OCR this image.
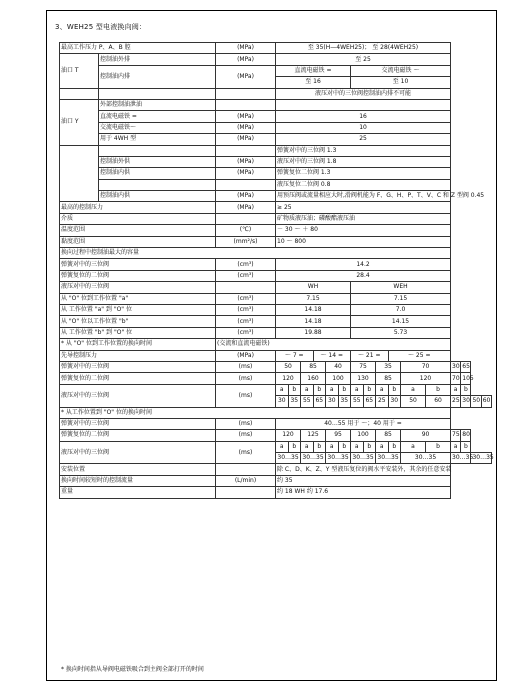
3、WEH25 型电液换向阀：
最高工作压力 P、A、B 腔		(MPa)	至 35(H—4WEH25)； 至 28(4WEH25)															
油口 T	控制油外排	(MPa)	至 25															
	控制油内排	(MPa)	直流电磁铁 =						交流电磁铁 ～									
			至 16						至 10									
			液压对中的三位阀控制油内排不可能															
油口 Y	外部控制油泄油																	
	直流电磁铁 =	(MPa)	16															
	交流电磁铁～	(MPa)	10															
	用于 4WH 型	(MPa)	25															
			弹簧对中的三位阀 1.3															
	控制油外供	(MPa)	液压对中的三位阀 1.8															
	控制油内供	(MPa)	弹簧复位二位阀 1.3															
			液压复位二位阀 0.8															
	控制油内供	(MPa)	用预压阀或流量相应大时,滑阀机能为 F、G、H、P、T、V、C 和 Z 型阀 0.45															
最高的控制压力		(MPa)	≥ 25															
介质			矿物质液压油；磷酸酯液压油															
温度范围		(℃)	－ 30 ～ ＋ 80															
黏度范围		(mm²/s)	10 ～ 800															
换向过程中控制油最大的容量																		
弹簧对中的三位阀		(cm³)	14.2															
弹簧复位的二位阀		(cm³)	28.4															
液压对中的三位阀			WH						WEH									
从 "O" 位到工作位置 "a"		(cm³)	7.15						7.15									
从 工作位置 "a" 到 "O" 位		(cm³)	14.18						7.0									
从 "O" 位以工作位置 "b"		(cm³)	14.18						14.15									
从 工作位置 "b" 到 "O" 位		(cm³)	19.88						5.73									
* 从 "O" 位到工作位置的换向时间		(交流和直流电磁铁)																
先导控制压力		(MPa)	～ 7 =			～ 14 =			～ 21 =			～ 25 =						
弹簧对中的三位阀		(ms)	50		85		40		75		35		70		30	65		
弹簧复位的二位阀		(ms)	120		160		100		130		85		120		70	105		
液压对中的三位阀		(ms)	a	b	a	b	a	b	a	b	a	b	a	b	a	b		
			30	35	55	65	30	35	55	65	25	30	50	60	25	30	50	60
* 从工作位置到 "O" 位的换向时间																		
弹簧对中的三位阀		(ms)	40…55 用于 ～；40 用于 =															
弹簧复位的二位阀		(ms)	120		125		95		100		85		90		75	80		
液压对中的三位阀		(ms)	a	b	a	b	a	b	a	b	a	b	a	b	a	b		
			30…35		30…35		30…35		30…35		30…35		30…35		30…35		30…35	
安装位置			除 C、D、K、Z、Y 型液压复位的阀水平安装外，其余的任意安装															
换向时间较短时的控制流量		(L/min)	约 35															
重量			约 18 WH 约 17.6															
* 换向时间指从导阀电磁铁吸合到主阀全部打开的时间
